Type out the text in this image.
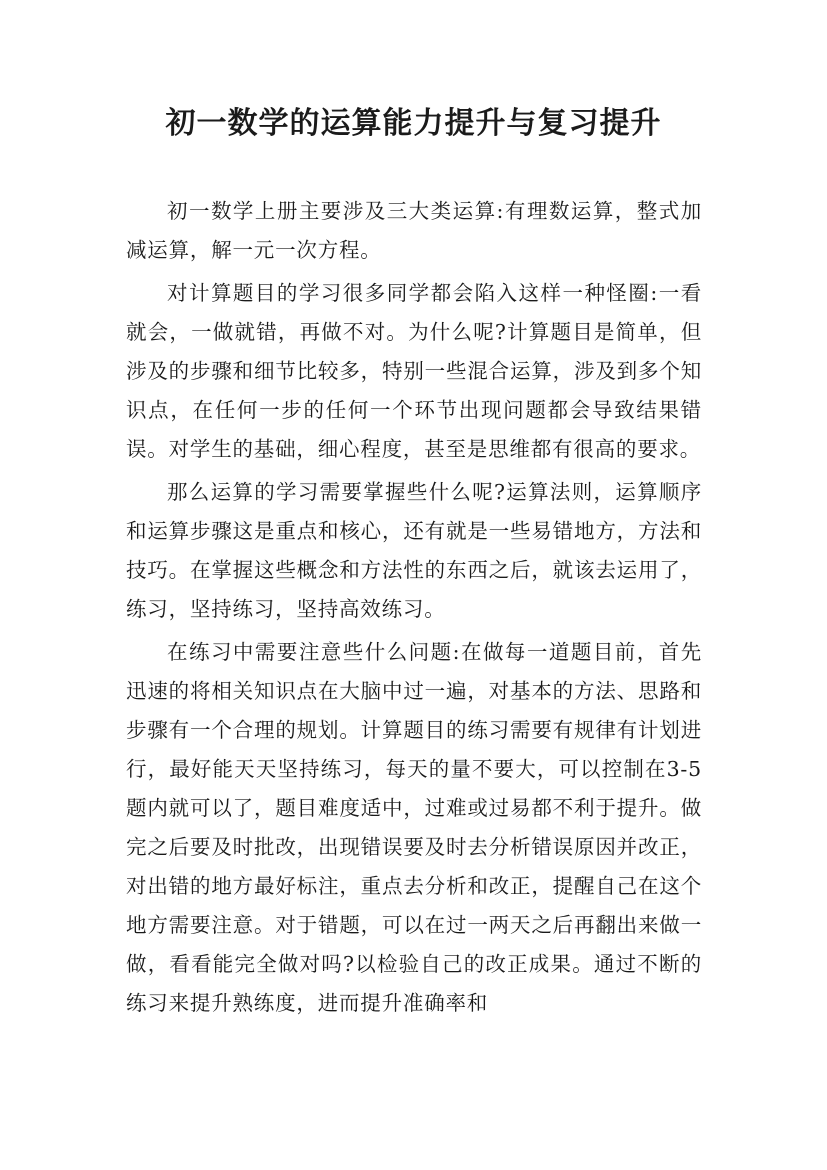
初一数学的运算能力提升与复习提升

初一数学上册主要涉及三大类运算:有理数运算，整式加减运算，解一元一次方程。

对计算题目的学习很多同学都会陷入这样一种怪圈:一看就会，一做就错，再做不对。为什么呢?计算题目是简单，但涉及的步骤和细节比较多，特别一些混合运算，涉及到多个知识点，在任何一步的任何一个环节出现问题都会导致结果错误。对学生的基础，细心程度，甚至是思维都有很高的要求。

那么运算的学习需要掌握些什么呢?运算法则，运算顺序和运算步骤这是重点和核心，还有就是一些易错地方，方法和技巧。在掌握这些概念和方法性的东西之后，就该去运用了，练习，坚持练习，坚持高效练习。

在练习中需要注意些什么问题:在做每一道题目前，首先迅速的将相关知识点在大脑中过一遍，对基本的方法、思路和步骤有一个合理的规划。计算题目的练习需要有规律有计划进行，最好能天天坚持练习，每天的量不要大，可以控制在3-5题内就可以了，题目难度适中，过难或过易都不利于提升。做完之后要及时批改，出现错误要及时去分析错误原因并改正，对出错的地方最好标注，重点去分析和改正，提醒自己在这个地方需要注意。对于错题，可以在过一两天之后再翻出来做一做，看看能完全做对吗?以检验自己的改正成果。通过不断的练习来提升熟练度，进而提升准确率和
